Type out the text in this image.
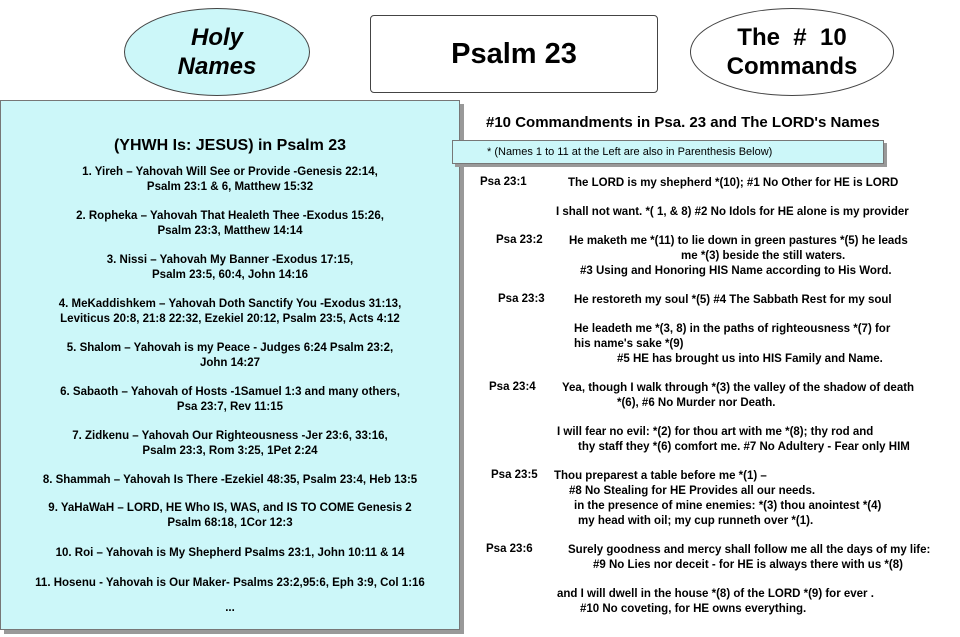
Holy
Names	Psalm 23	The  #  10
Commands
(YHWH Is: JESUS) in Psalm 23
1. Yireh – Yahovah Will See or Provide -Genesis 22:14,
Psalm 23:1 & 6, Matthew 15:32
2. Ropheka – Yahovah That Healeth Thee -Exodus 15:26,
Psalm 23:3, Matthew 14:14
3. Nissi – Yahovah My Banner -Exodus 17:15,
Psalm 23:5, 60:4, John 14:16
4. MeKaddishkem – Yahovah Doth Sanctify You -Exodus 31:13,
Leviticus 20:8, 21:8 22:32, Ezekiel 20:12, Psalm 23:5, Acts 4:12
5. Shalom – Yahovah is my Peace - Judges 6:24 Psalm 23:2,
John 14:27
6. Sabaoth – Yahovah of Hosts -1Samuel 1:3 and many others,
Psa 23:7, Rev 11:15
7. Zidkenu – Yahovah Our Righteousness -Jer 23:6, 33:16,
Psalm 23:3, Rom 3:25, 1Pet 2:24
8. Shammah – Yahovah Is There -Ezekiel 48:35, Psalm 23:4, Heb 13:5
9. YaHaWaH – LORD, HE Who IS, WAS, and IS TO COME Genesis 2
Psalm 68:18, 1Cor 12:3
10. Roi – Yahovah is My Shepherd Psalms 23:1, John 10:11 & 14
11. Hosenu - Yahovah is Our Maker- Psalms 23:2,95:6, Eph 3:9, Col 1:16
...
#10 Commandments in Psa. 23 and The LORD's Names
* (Names 1 to 11 at the Left are also in Parenthesis Below)
Psa 23:1	The LORD is my shepherd *(10); #1 No Other for HE is LORD
I shall not want. *( 1, & 8) #2 No Idols for HE alone is my provider
Psa 23:2 He maketh me *(11) to lie down in green pastures *(5) he leads
me *(3) beside the still waters.
#3 Using and Honoring HIS Name according to His Word.
Psa 23:3	He restoreth my soul *(5) #4 The Sabbath Rest for my soul
He leadeth me *(3, 8) in the paths of righteousness *(7) for
his name's sake *(9)
#5 HE has brought us into HIS Family and Name.
Psa 23:4 Yea, though I walk through *(3) the valley of the shadow of death
*(6), #6 No Murder nor Death.
I will fear no evil: *(2) for thou art with me *(8); thy rod and
thy staff they *(6) comfort me. #7 No Adultery - Fear only HIM
Psa 23:5 Thou preparest a table before me *(1) –
#8 No Stealing for HE Provides all our needs.
in the presence of mine enemies: *(3) thou anointest *(4)
my head with oil; my cup runneth over *(1).
Psa 23:6	Surely goodness and mercy shall follow me all the days of my life:
#9 No Lies nor deceit - for HE is always there with us *(8)
and I will dwell in the house *(8) of the LORD *(9) for ever .
#10 No coveting, for HE owns everything.
